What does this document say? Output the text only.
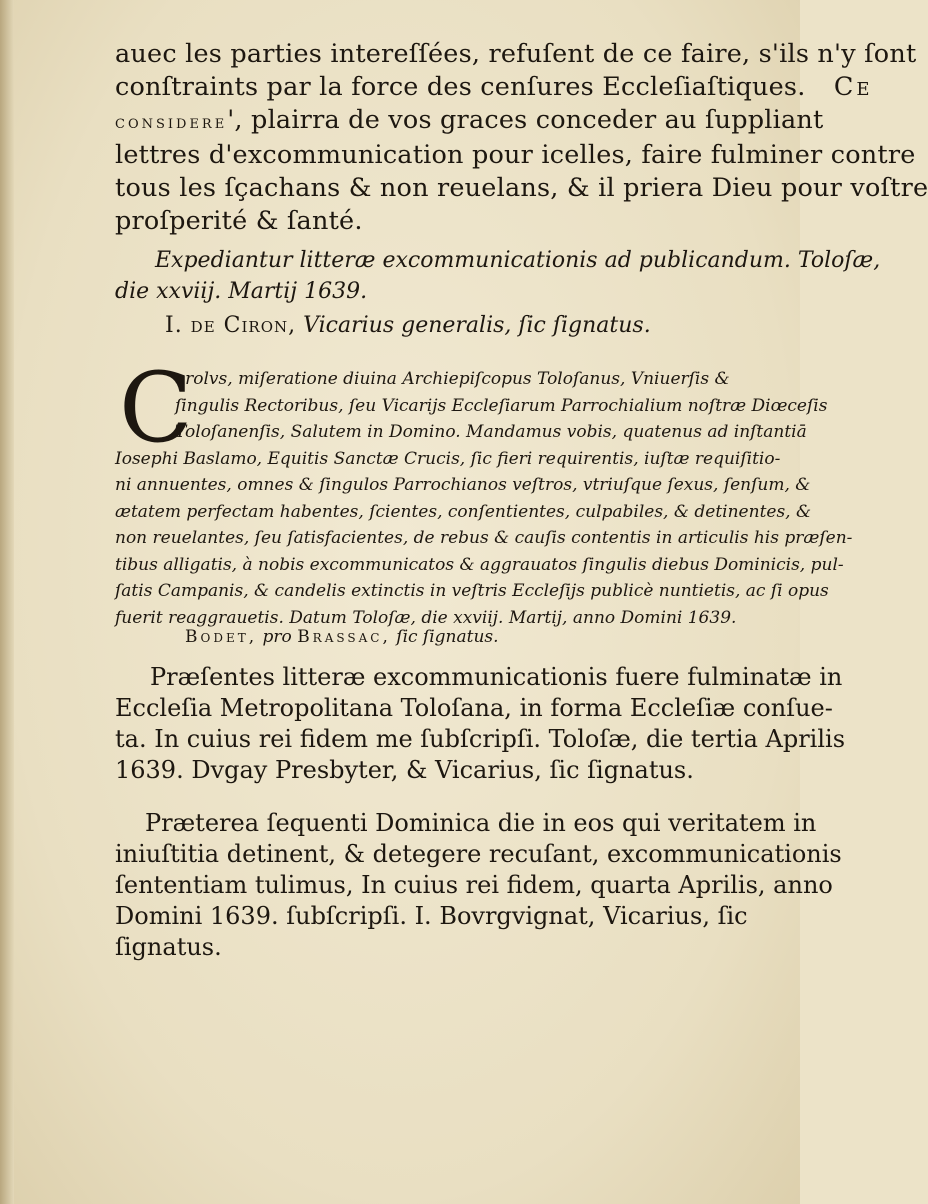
auec les parties intereſſées, refuſent de ce faire, s'ils n'y ſont
conſtraints par la force des cenſures Eccleſiaſtiques. Ce
considere', plairra de vos graces conceder au ſuppliant
lettres d'excommunication pour icelles, faire fulminer contre
tous les ſçachans & non reuelans, & il priera Dieu pour voſtre
proſperité & ſanté.
Expediantur litteræ excommunicationis ad publicandum. Toloſæ,
die xxviij. Martij 1639.
I. de Ciron, Vicarius generalis, ſic ſignatus.
C
arolvs, miſeratione diuina Archiepiſcopus Toloſanus, Vniuerſis &
ſingulis Rectoribus, ſeu Vicarijs Eccleſiarum Parrochialium noſtræ Diœceſis
Toloſanenſis, Salutem in Domino. Mandamus vobis, quatenus ad inſtantiā
Iosephi Baslamo, Equitis Sanctæ Crucis, ſic fieri requirentis, iuſtæ requiſitio-
ni annuentes, omnes & ſingulos Parrochianos veſtros, vtriuſque ſexus, ſenſum, &
ætatem perfectam habentes, ſcientes, conſentientes, culpabiles, & detinentes, &
non reuelantes, ſeu ſatisfacientes, de rebus & cauſis contentis in articulis his præſen-
tibus alligatis, à nobis excommunicatos & aggrauatos ſingulis diebus Dominicis, pul-
ſatis Campanis, & candelis extinctis in veſtris Eccleſijs publicè nuntietis, ac ſi opus
fuerit reaggrauetis. Datum Toloſæ, die xxviij. Martij, anno Domini 1639.
Bodet, pro Brassac, ſic ſignatus.
Præſentes litteræ excommunicationis fuere fulminatæ in
Eccleſia Metropolitana Toloſana, in forma Eccleſiæ conſue-
ta. In cuius rei fidem me ſubſcripſi. Toloſæ, die tertia Aprilis
1639. Dvgay Presbyter, & Vicarius, ſic ſignatus.
Præterea ſequenti Dominica die in eos qui veritatem in
iniuſtitia detinent, & detegere recuſant, excommunicationis
ſententiam tulimus, In cuius rei fidem, quarta Aprilis, anno
Domini 1639. ſubſcripſi. I. Bovrgvignat, Vicarius, ſic
ſignatus.
